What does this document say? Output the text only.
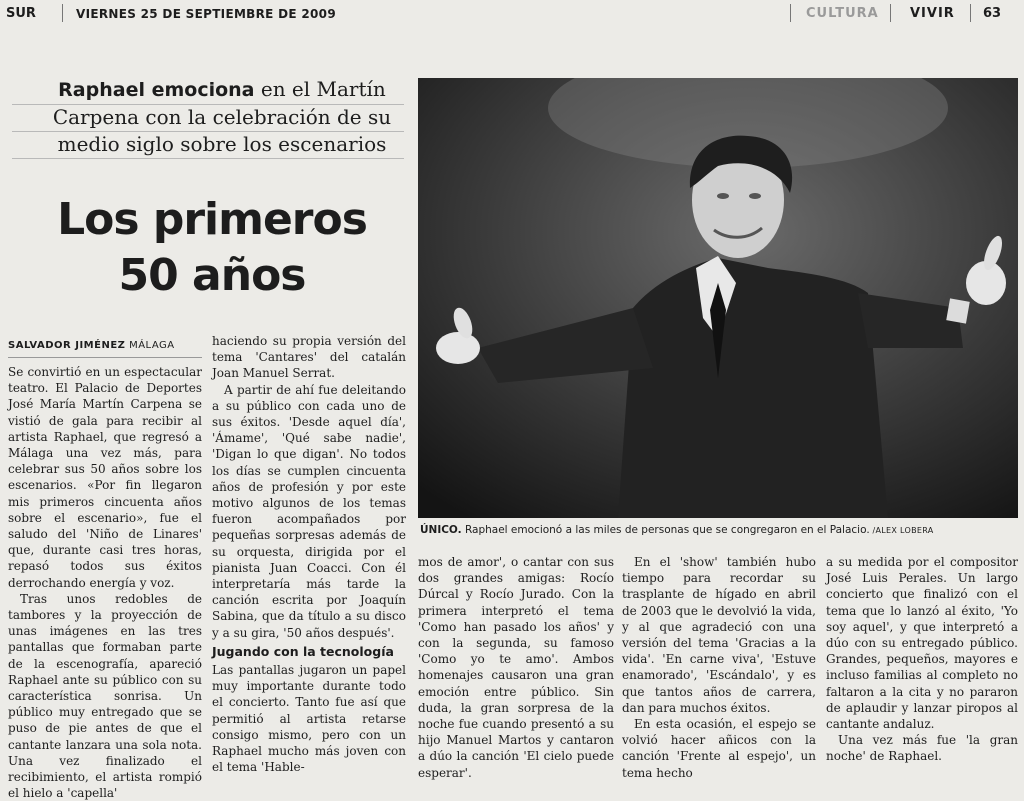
SUR	VIERNES 25 DE SEPTIEMBRE DE 2009	CULTURA VIVIR 63
Raphael emociona en el Martín Carpena con la celebración de su medio siglo sobre los escenarios
Los primeros
50 años
SALVADOR JIMÉNEZ MÁLAGA
ÚNICO. Raphael emocionó a las miles de personas que se congregaron en el Palacio. /ALEX LOBERA

Se convirtió en un espectacular teatro. El Palacio de Deportes José María Martín Carpena se vistió de gala para recibir al artista Raphael, que regresó a Málaga una vez más, para celebrar sus 50 años sobre los escenarios. «Por fin llegaron mis primeros cincuenta años sobre el escenario», fue el saludo del 'Niño de Linares' que, durante casi tres horas, repasó todos sus éxitos derrochando energía y voz.

Tras unos redobles de tambores y la proyección de unas imágenes en las tres pantallas que formaban parte de la escenografía, apareció Raphael ante su público con su característica sonrisa. Un público muy entregado que se puso de pie antes de que el cantante lanzara una sola nota. Una vez finalizado el recibimiento, el artista rompió el hielo a 'capella'

haciendo su propia versión del tema 'Cantares' del catalán Joan Manuel Serrat.

A partir de ahí fue deleitando a su público con cada uno de sus éxitos. 'Desde aquel día', 'Ámame', 'Qué sabe nadie', 'Digan lo que digan'. No todos los días se cumplen cincuenta años de profesión y por este motivo algunos de los temas fueron acompañados por pequeñas sorpresas además de su orquesta, dirigida por el pianista Juan Coacci. Con él interpretaría más tarde la canción escrita por Joaquín Sabina, que da título a su disco y a su gira, '50 años después'.

Jugando con la tecnología

Las pantallas jugaron un papel muy importante durante todo el concierto. Tanto fue así que permitió al artista retarse consigo mismo, pero con un Raphael mucho más joven con el tema 'Hable-

mos de amor', o cantar con sus dos grandes amigas: Rocío Dúrcal y Rocío Jurado. Con la primera interpretó el tema 'Como han pasado los años' y con la segunda, su famoso 'Como yo te amo'. Ambos homenajes causaron una gran emoción entre público. Sin duda, la gran sorpresa de la noche fue cuando presentó a su hijo Manuel Martos y cantaron a dúo la canción 'El cielo puede esperar'.

En el 'show' también hubo tiempo para recordar su trasplante de hígado en abril de 2003 que le devolvió la vida, y al que agradeció con una versión del tema 'Gracias a la vida'. 'En carne viva', 'Estuve enamorado', 'Escándalo', y es que tantos años de carrera, dan para muchos éxitos.

En esta ocasión, el espejo se volvió hacer añicos con la canción 'Frente al espejo', un tema hecho

a su medida por el compositor José Luis Perales. Un largo concierto que finalizó con el tema que lo lanzó al éxito, 'Yo soy aquel', y que interpretó a dúo con su entregado público. Grandes, pequeños, mayores e incluso familias al completo no faltaron a la cita y no pararon de aplaudir y lanzar piropos al cantante andaluz.

Una vez más fue 'la gran noche' de Raphael.
